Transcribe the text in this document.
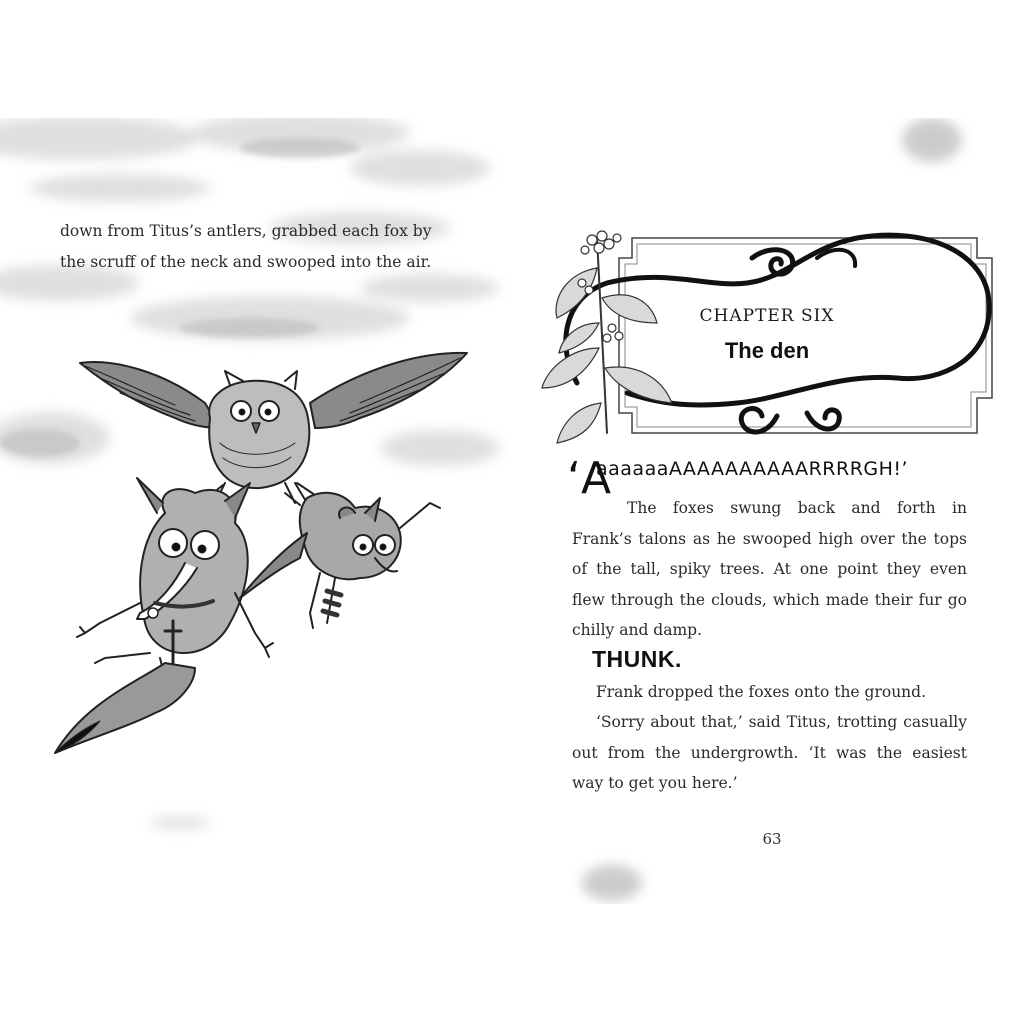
down from Titus’s antlers, grabbed each fox by
the scruff of the neck and swooped into the air.

CHAPTER SIX
The den
‘A
aaaaaaAAAAAAAAAARRRRGH!’
The foxes swung back and forth in
Frank’s talons as he swooped high over the tops
of the tall, spiky trees. At one point they even
flew through the clouds, which made their fur go
chilly and damp.
THUNK.
Frank dropped the foxes onto the ground.
‘Sorry about that,’ said Titus, trotting casually
out from the undergrowth. ‘It was the easiest
way to get you here.’
63
